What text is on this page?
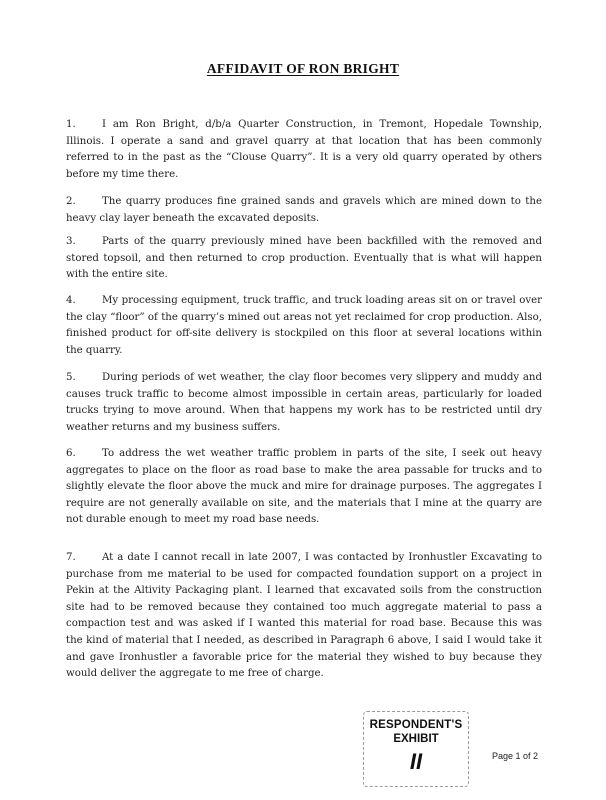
AFFIDAVIT OF RON BRIGHT

1.	I am Ron Bright, d/b/a Quarter Construction, in Tremont, Hopedale Township, Illinois. I operate a sand and gravel quarry at that location that has been commonly referred to in the past as the “Clouse Quarry”. It is a very old quarry operated by others before my time there.

2.	The quarry produces fine grained sands and gravels which are mined down to the heavy clay layer beneath the excavated deposits.

3.	Parts of the quarry previously mined have been backfilled with the removed and stored topsoil, and then returned to crop production. Eventually that is what will happen with the entire site.

4.	My processing equipment, truck traffic, and truck loading areas sit on or travel over the clay “floor” of the quarry’s mined out areas not yet reclaimed for crop production. Also, finished product for off-site delivery is stockpiled on this floor at several locations within the quarry.

5.	During periods of wet weather, the clay floor becomes very slippery and muddy and causes truck traffic to become almost impossible in certain areas, particularly for loaded trucks trying to move around. When that happens my work has to be restricted until dry weather returns and my business suffers.

6.	To address the wet weather traffic problem in parts of the site, I seek out heavy aggregates to place on the floor as road base to make the area passable for trucks and to slightly elevate the floor above the muck and mire for drainage purposes. The aggregates I require are not generally available on site, and the materials that I mine at the quarry are not durable enough to meet my road base needs.

7.	At a date I cannot recall in late 2007, I was contacted by Ironhustler Excavating to purchase from me material to be used for compacted foundation support on a project in Pekin at the Altivity Packaging plant. I learned that excavated soils from the construction site had to be removed because they contained too much aggregate material to pass a compaction test and was asked if I wanted this material for road base. Because this was the kind of material that I needed, as described in Paragraph 6 above, I said I would take it and gave Ironhustler a favorable price for the material they wished to buy because they would deliver the aggregate to me free of charge.

RESPONDENT'S
EXHIBIT
II	Page 1 of 2
